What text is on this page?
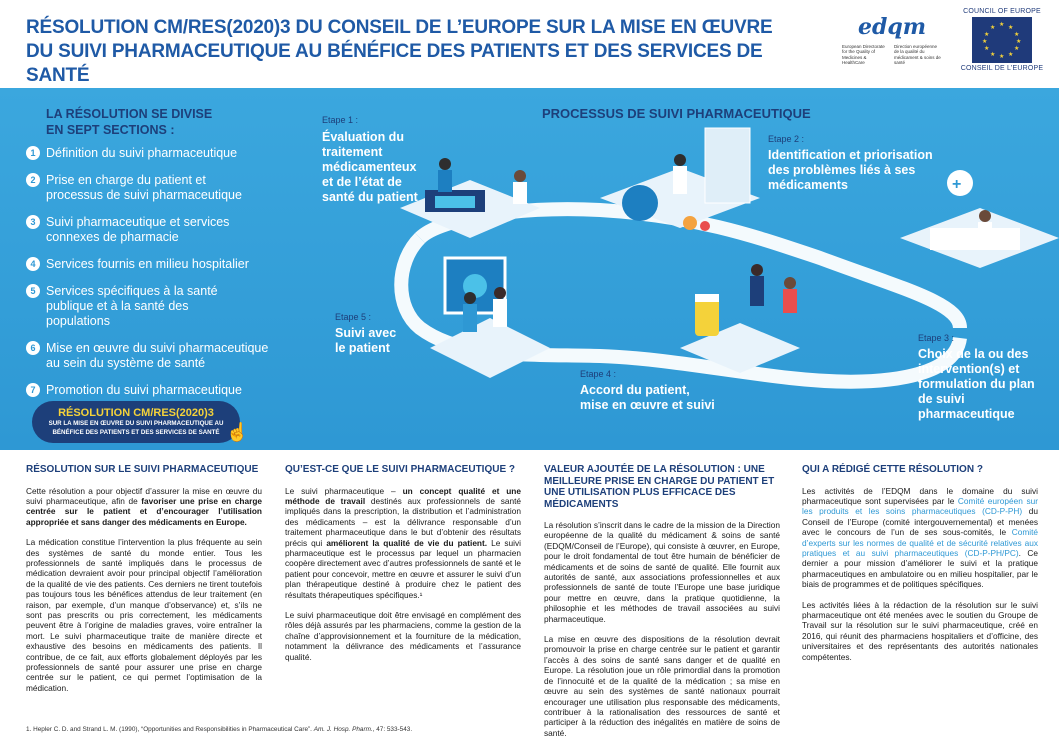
RÉSOLUTION CM/RES(2020)3 DU CONSEIL DE L’EUROPE SUR LA MISE EN ŒUVRE
DU SUIVI PHARMACEUTIQUE AU BÉNÉFICE DES PATIENTS ET DES SERVICES DE SANTÉ
edqm
European Directorate for the Quality of Medicines & HealthCare
Direction européenne de la qualité du médicament & soins de santé
COUNCIL OF EUROPE
★ ★
★
★
★
★
★
★
★
★
★
★
CONSEIL DE L’EUROPE
LA RÉSOLUTION SE DIVISE
EN SEPT SECTIONS :
1 Définition du suivi pharmaceutique
2 Prise en charge du patient et processus de suivi pharmaceutique
3 Suivi pharmaceutique et services connexes de pharmacie
4 Services fournis en milieu hospitalier
5 Services spécifiques à la santé publique et à la santé des populations
6 Mise en œuvre du suivi pharmaceutique au sein du système de santé
7 Promotion du suivi pharmaceutique
RÉSOLUTION CM/RES(2020)3
SUR LA MISE EN ŒUVRE DU SUIVI PHARMACEUTIQUE AU
BÉNÉFICE DES PATIENTS ET DES SERVICES DE SANTÉ ☝
+
PROCESSUS DE SUIVI PHARMACEUTIQUE
Etape 1 :
Évaluation du traitement médicamenteux et de l’état de santé du patient
Etape 2 :
Identification et priorisation des problèmes liés à ses médicaments
Etape 3 :
Choix de la ou des intervention(s) et formulation du plan de suivi pharmaceutique
Etape 4 :
Accord du patient, mise en œuvre et suivi
Etape 5 :
Suivi avec le patient
RÉSOLUTION SUR LE SUIVI PHARMACEUTIQUE

Cette résolution a pour objectif d’assurer la mise en œuvre du suivi pharmaceutique, afin de favoriser une prise en charge centrée sur le patient et d’encourager l’utilisation appropriée et sans danger des médicaments en Europe.

La médication constitue l’intervention la plus fréquente au sein des systèmes de santé du monde entier. Tous les professionnels de santé impliqués dans le processus de médication devraient avoir pour principal objectif l’amélioration de la qualité de vie des patients. Ces derniers ne tirent toutefois pas toujours tous les bénéfices attendus de leur traitement (en raison, par exemple, d’un manque d’observance) et, s’ils ne sont pas prescrits ou pris correctement, les médicaments peuvent être à l’origine de maladies graves, voire entraîner la mort. Le suivi pharmaceutique traite de manière directe et exhaustive des besoins en médicaments des patients. Il contribue, de ce fait, aux efforts globalement déployés par les professionnels de santé pour assurer une prise en charge centrée sur le patient, ce qui permet l’optimisation de la médication.

QU’EST-CE QUE LE SUIVI PHARMACEUTIQUE ?

Le suivi pharmaceutique – un concept qualité et une méthode de travail destinés aux professionnels de santé impliqués dans la prescription, la distribution et l’administration des médicaments – est la délivrance responsable d’un traitement pharmaceutique dans le but d’obtenir des résultats précis qui améliorent la qualité de vie du patient. Le suivi pharmaceutique est le processus par lequel un pharmacien coopère directement avec d’autres professionnels de santé et le patient pour concevoir, mettre en œuvre et assurer le suivi d’un plan thérapeutique destiné à produire chez le patient des résultats thérapeutiques spécifiques.¹

Le suivi pharmaceutique doit être envisagé en complément des rôles déjà assurés par les pharmaciens, comme la gestion de la chaîne d’approvisionnement et la fourniture de la médication, notamment la délivrance des médicaments et l’assurance qualité.

VALEUR AJOUTÉE DE LA RÉSOLUTION : UNE MEILLEURE PRISE EN CHARGE DU PATIENT ET UNE UTILISATION PLUS EFFICACE DES MÉDICAMENTS

La résolution s’inscrit dans le cadre de la mission de la Direction européenne de la qualité du médicament & soins de santé (EDQM/Conseil de l’Europe), qui consiste à œuvrer, en Europe, pour le droit fondamental de tout être humain de bénéficier de médicaments et de soins de santé de qualité. Elle fournit aux autorités de santé, aux associations professionnelles et aux professionnels de santé de toute l’Europe une base juridique pour mettre en œuvre, dans la pratique quotidienne, la philosophie et les méthodes de travail associées au suivi pharmaceutique.

La mise en œuvre des dispositions de la résolution devrait promouvoir la prise en charge centrée sur le patient et garantir l’accès à des soins de santé sans danger et de qualité en Europe. La résolution joue un rôle primordial dans la promotion de l’innocuité et de la qualité de la médication ; sa mise en œuvre au sein des systèmes de santé nationaux pourrait encourager une utilisation plus responsable des médicaments, contribuer à la rationalisation des ressources de santé et participer à la réduction des inégalités en matière de soins de santé.

QUI A RÉDIGÉ CETTE RÉSOLUTION ?

Les activités de l’EDQM dans le domaine du suivi pharmaceutique sont supervisées par le Comité européen sur les produits et les soins pharmaceutiques (CD-P-PH) du Conseil de l’Europe (comité intergouvernemental) et menées avec le concours de l’un de ses sous-comités, le Comité d’experts sur les normes de qualité et de sécurité relatives aux pratiques et au suivi pharmaceutiques (CD-P-PH/PC). Ce dernier a pour mission d’améliorer le suivi et la pratique pharmaceutiques en ambulatoire ou en milieu hospitalier, par le biais de programmes et de politiques spécifiques.

Les activités liées à la rédaction de la résolution sur le suivi pharmaceutique ont été menées avec le soutien du Groupe de Travail sur la résolution sur le suivi pharmaceutique, créé en 2016, qui réunit des pharmaciens hospitaliers et d’officine, des universitaires et des représentants des autorités nationales compétentes.

1. Hepler C. D. and Strand L. M. (1990), “Opportunities and Responsibilities in Pharmaceutical Care”. Am. J. Hosp. Pharm., 47: 533-543.
